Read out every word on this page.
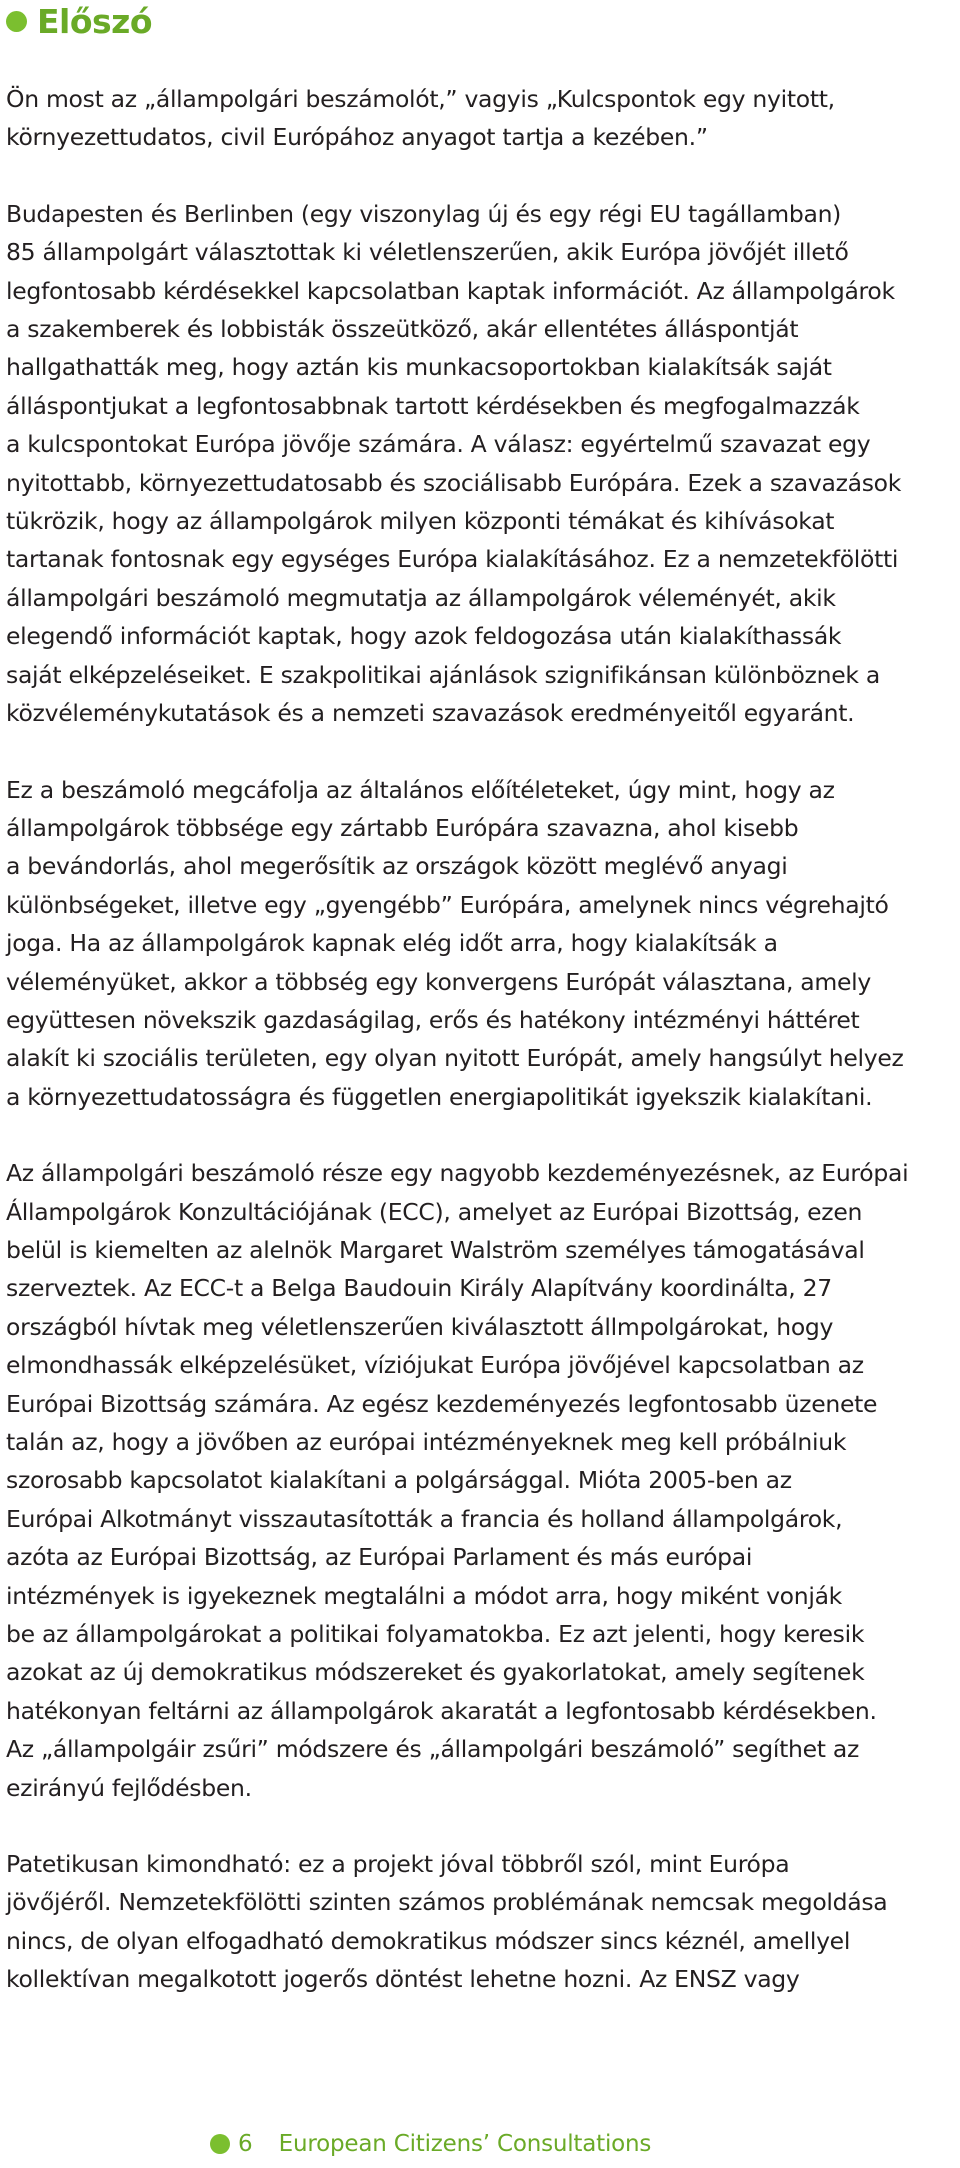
Előszó

Ön most az „állampolgári beszámolót,” vagyis „Kulcspontok egy nyitott,
környezettudatos, civil Európához anyagot tartja a kezében.”

Budapesten és Berlinben (egy viszonylag új és egy régi EU tagállamban)
85 állampolgárt választottak ki véletlenszerűen, akik Európa jövőjét illető
legfontosabb kérdésekkel kapcsolatban kaptak információt. Az állampolgárok
a szakemberek és lobbisták összeütköző, akár ellentétes álláspontját
hallgathatták meg, hogy aztán kis munkacsoportokban kialakítsák saját
álláspontjukat a legfontosabbnak tartott kérdésekben és megfogalmazzák
a kulcspontokat Európa jövője számára. A válasz: egyértelmű szavazat egy
nyitottabb, környezettudatosabb és szociálisabb Európára. Ezek a szavazások
tükrözik, hogy az állampolgárok milyen központi témákat és kihívásokat
tartanak fontosnak egy egységes Európa kialakításához. Ez a nemzetekfölötti
állampolgári beszámoló megmutatja az állampolgárok véleményét, akik
elegendő információt kaptak, hogy azok feldogozása után kialakíthassák
saját elképzeléseiket. E szakpolitikai ajánlások szignifikánsan különböznek a
közvéleménykutatások és a nemzeti szavazások eredményeitől egyaránt.

Ez a beszámoló megcáfolja az általános előítéleteket, úgy mint, hogy az
állampolgárok többsége egy zártabb Európára szavazna, ahol kisebb
a bevándorlás, ahol megerősítik az országok között meglévő anyagi
különbségeket, illetve egy „gyengébb” Európára, amelynek nincs végrehajtó
joga. Ha az állampolgárok kapnak elég időt arra, hogy kialakítsák a
véleményüket, akkor a többség egy konvergens Európát választana, amely
együttesen növekszik gazdaságilag, erős és hatékony intézményi háttéret
alakít ki szociális területen, egy olyan nyitott Európát, amely hangsúlyt helyez
a környezettudatosságra és független energiapolitikát igyekszik kialakítani.

Az állampolgári beszámoló része egy nagyobb kezdeményezésnek, az Európai
Állampolgárok Konzultációjának (ECC), amelyet az Európai Bizottság, ezen
belül is kiemelten az alelnök Margaret Walström személyes támogatásával
szerveztek. Az ECC-t a Belga Baudouin Király Alapítvány koordinálta, 27
országból hívtak meg véletlenszerűen kiválasztott állmpolgárokat, hogy
elmondhassák elképzelésüket, víziójukat Európa jövőjével kapcsolatban az
Európai Bizottság számára. Az egész kezdeményezés legfontosabb üzenete
talán az, hogy a jövőben az európai intézményeknek meg kell próbálniuk
szorosabb kapcsolatot kialakítani a polgársággal. Mióta 2005-ben az
Európai Alkotmányt visszautasították a francia és holland állampolgárok,
azóta az Európai Bizottság, az Európai Parlament és más európai
intézmények is igyekeznek megtalálni a módot arra, hogy miként vonják
be az állampolgárokat a politikai folyamatokba. Ez azt jelenti, hogy keresik
azokat az új demokratikus módszereket és gyakorlatokat, amely segítenek
hatékonyan feltárni az állampolgárok akaratát a legfontosabb kérdésekben.
Az „állampolgáir zsűri” módszere és „állampolgári beszámoló” segíthet az
ezirányú fejlődésben.

Patetikusan kimondható: ez a projekt jóval többről szól, mint Európa
jövőjéről. Nemzetekfölötti szinten számos problémának nemcsak megoldása
nincs, de olyan elfogadható demokratikus módszer sincs kéznél, amellyel
kollektívan megalkotott jogerős döntést lehetne hozni. Az ENSZ vagy

6 European Citizens’ Consultations
